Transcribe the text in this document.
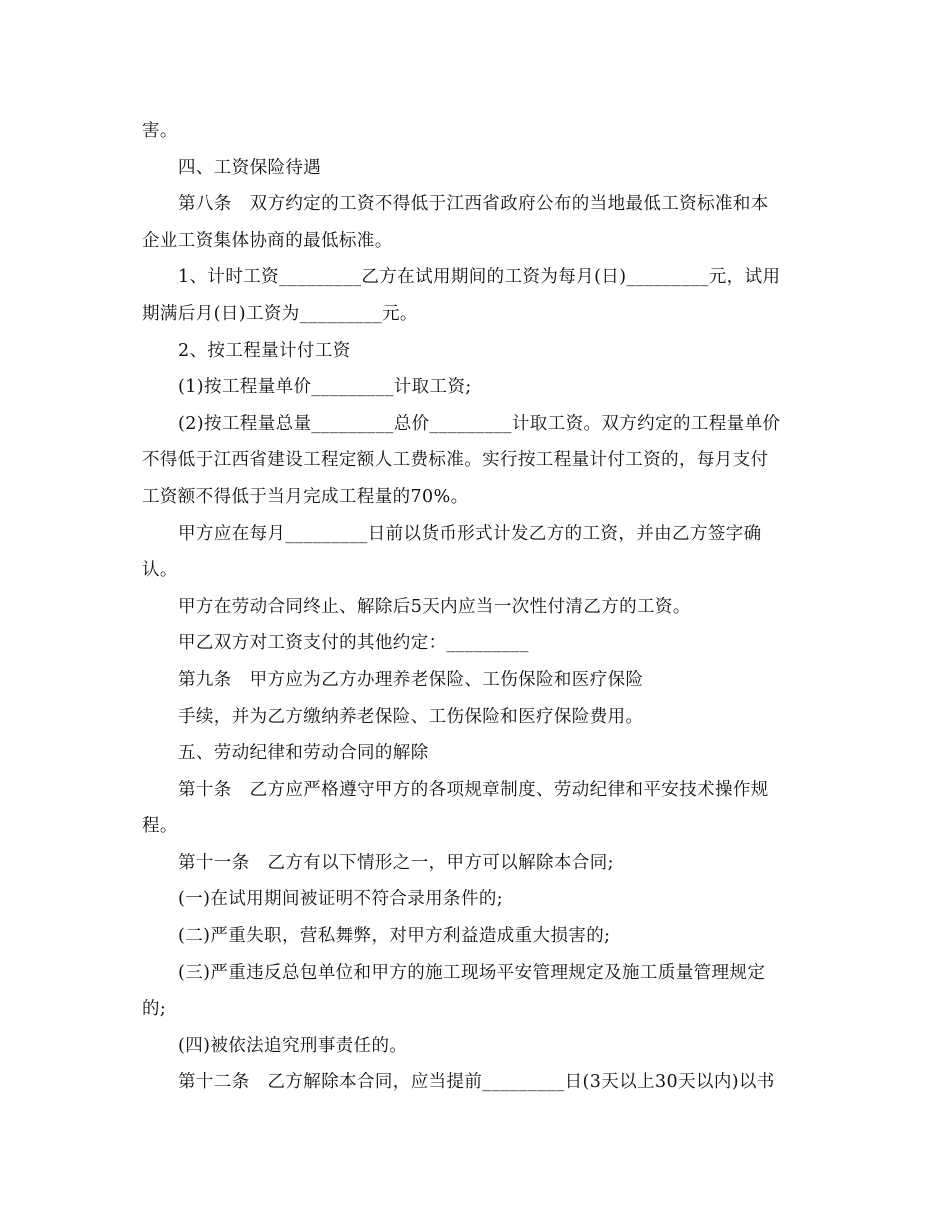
害。
四、工资保险待遇
第八条　双方约定的工资不得低于江西省政府公布的当地最低工资标准和本
企业工资集体协商的最低标准。
1、计时工资_________乙方在试用期间的工资为每月(日)_________元，试用
期满后月(日)工资为_________元。
2、按工程量计付工资
(1)按工程量单价_________计取工资;
(2)按工程量总量_________总价_________计取工资。双方约定的工程量单价
不得低于江西省建设工程定额人工费标准。实行按工程量计付工资的，每月支付
工资额不得低于当月完成工程量的70%。
甲方应在每月_________日前以货币形式计发乙方的工资，并由乙方签字确
认。
甲方在劳动合同终止、解除后5天内应当一次性付清乙方的工资。
甲乙双方对工资支付的其他约定：_________
第九条　甲方应为乙方办理养老保险、工伤保险和医疗保险
手续，并为乙方缴纳养老保险、工伤保险和医疗保险费用。
五、劳动纪律和劳动合同的解除
第十条　乙方应严格遵守甲方的各项规章制度、劳动纪律和平安技术操作规
程。
第十一条　乙方有以下情形之一，甲方可以解除本合同;
(一)在试用期间被证明不符合录用条件的;
(二)严重失职，营私舞弊，对甲方利益造成重大损害的;
(三)严重违反总包单位和甲方的施工现场平安管理规定及施工质量管理规定
的;
(四)被依法追究刑事责任的。
第十二条　乙方解除本合同，应当提前_________日(3天以上30天以内)以书
